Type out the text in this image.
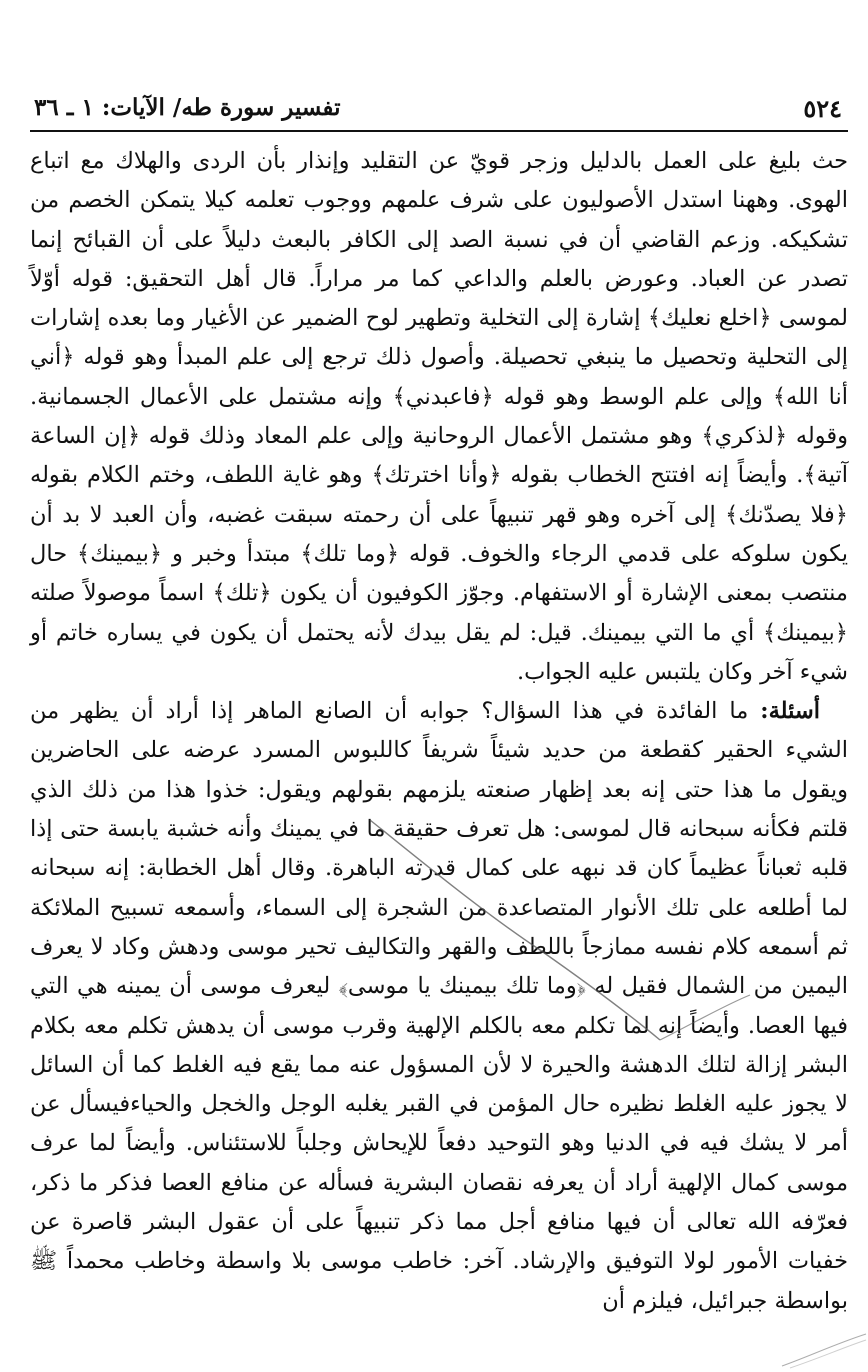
٥٢٤
تفسير سورة طه/ الآيات: ١ ـ ٣٦

حث بليغ على العمل بالدليل وزجر قويّ عن التقليد وإنذار بأن الردى والهلاك مع اتباع الهوى. وههنا استدل الأصوليون على شرف علمهم ووجوب تعلمه كيلا يتمكن الخصم من تشكيكه. وزعم القاضي أن في نسبة الصد إلى الكافر بالبعث دليلاً على أن القبائح إنما تصدر عن العباد. وعورض بالعلم والداعي كما مر مراراً. قال أهل التحقيق: قوله أوّلاً لموسى ﴿اخلع نعليك﴾ إشارة إلى التخلية وتطهير لوح الضمير عن الأغيار وما بعده إشارات إلى التحلية وتحصيل ما ينبغي تحصيلة. وأصول ذلك ترجع إلى علم المبدأ وهو قوله ﴿أني أنا الله﴾ وإلى علم الوسط وهو قوله ﴿فاعبدني﴾ وإنه مشتمل على الأعمال الجسمانية. وقوله ﴿لذكري﴾ وهو مشتمل الأعمال الروحانية وإلى علم المعاد وذلك قوله ﴿إن الساعة آتية﴾. وأيضاً إنه افتتح الخطاب بقوله ﴿وأنا اخترتك﴾ وهو غاية اللطف، وختم الكلام بقوله ﴿فلا يصدّنك﴾ إلى آخره وهو قهر تنبيهاً على أن رحمته سبقت غضبه، وأن العبد لا بد أن يكون سلوكه على قدمي الرجاء والخوف. قوله ﴿وما تلك﴾ مبتدأ وخبر و ﴿بيمينك﴾ حال منتصب بمعنى الإشارة أو الاستفهام. وجوّز الكوفيون أن يكون ﴿تلك﴾ اسماً موصولاً صلته ﴿بيمينك﴾ أي ما التي بيمينك. قيل: لم يقل بيدك لأنه يحتمل أن يكون في يساره خاتم أو شيء آخر وكان يلتبس عليه الجواب.

أسئلة: ما الفائدة في هذا السؤال؟ جوابه أن الصانع الماهر إذا أراد أن يظهر من الشيء الحقير كقطعة من حديد شيئاً شريفاً كاللبوس المسرد عرضه على الحاضرين ويقول ما هذا حتى إنه بعد إظهار صنعته يلزمهم بقولهم ويقول: خذوا هذا من ذلك الذي قلتم فكأنه سبحانه قال لموسى: هل تعرف حقيقة ما في يمينك وأنه خشبة يابسة حتى إذا قلبه ثعباناً عظيماً كان قد نبهه على كمال قدرته الباهرة. وقال أهل الخطابة: إنه سبحانه لما أطلعه على تلك الأنوار المتصاعدة من الشجرة إلى السماء، وأسمعه تسبيح الملائكة ثم أسمعه كلام نفسه ممازجاً باللطف والقهر والتكاليف تحير موسى ودهش وكاد لا يعرف اليمين من الشمال فقيل له ﴿وما تلك بيمينك يا موسى﴾ ليعرف موسى أن يمينه هي التي فيها العصا. وأيضاً إنه لما تكلم معه بالكلم الإلهية وقرب موسى أن يدهش تكلم معه بكلام البشر إزالة لتلك الدهشة والحيرة لا لأن المسؤول عنه مما يقع فيه الغلط كما أن السائل لا يجوز عليه الغلط نظيره حال المؤمن في القبر يغلبه الوجل والخجل والحياءفيسأل عن أمر لا يشك فيه في الدنيا وهو التوحيد دفعاً للإيحاش وجلباً للاستئناس. وأيضاً لما عرف موسى كمال الإلهية أراد أن يعرفه نقصان البشرية فسأله عن منافع العصا فذكر ما ذكر، فعرّفه الله تعالى أن فيها منافع أجل مما ذكر تنبيهاً على أن عقول البشر قاصرة عن خفيات الأمور لولا التوفيق والإرشاد. آخر: خاطب موسى بلا واسطة وخاطب محمداً ﷺ بواسطة جبرائيل، فيلزم أن
